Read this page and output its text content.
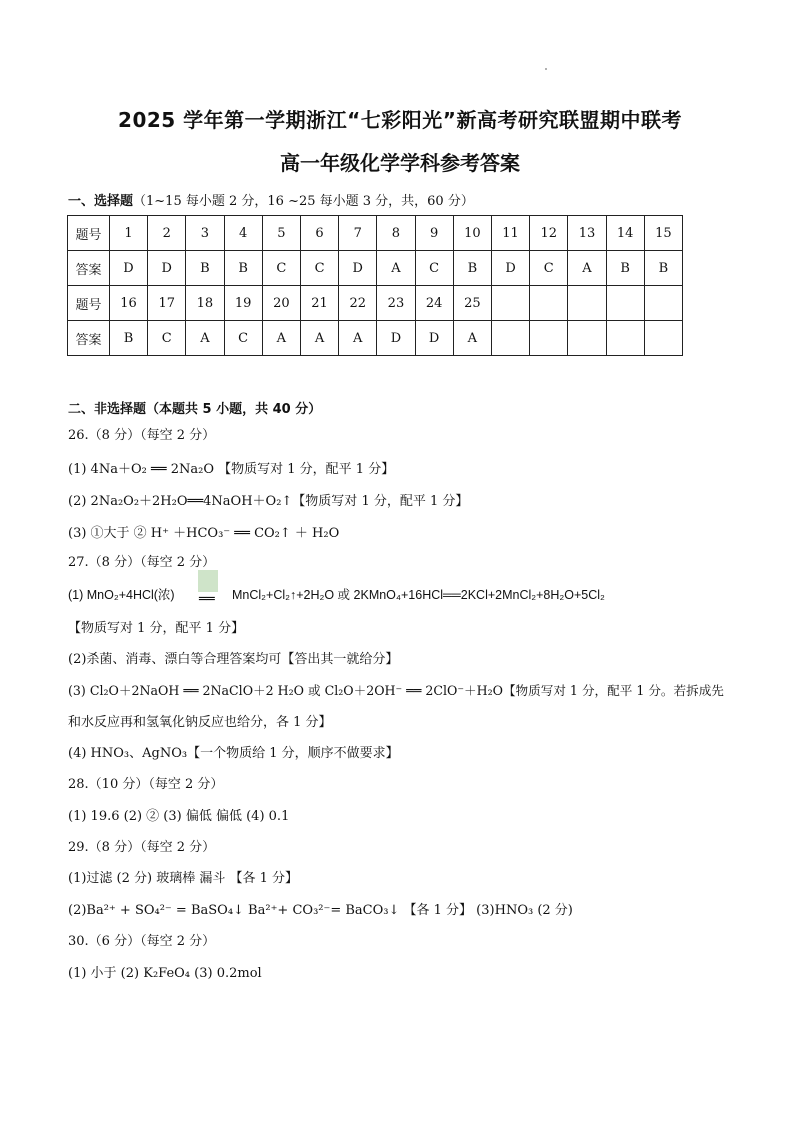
2025 学年第一学期浙江“七彩阳光”新高考研究联盟期中联考
高一年级化学学科参考答案
一、选择题（1~15 每小题 2 分，16 ~25 每小题 3 分，共，60 分）
题号	1	2	3	4	5	6	7	8	9	10	11	12	13	14	15
答案	D	D	B	B	C	C	D	A	C	B	D	C	A	B	B
题号	16	17	18	19	20	21	22	23	24	25					
答案	B	C	A	C	A	A	A	D	D	A					
二、非选择题（本题共 5 小题，共 40 分）
26.（8 分）（每空 2 分）
(1) 4Na＋O₂ ══ 2Na₂O 【物质写对 1 分，配平 1 分】
(2) 2Na₂O₂＋2H₂O══4NaOH＋O₂↑【物质写对 1 分，配平 1 分】
(3) ①大于 ② H⁺ ＋HCO₃⁻ ══ CO₂↑ ＋ H₂O
27.（8 分）（每空 2 分）
══
(1) MnO₂+4HCl(浓)	MnCl₂+Cl₂↑+2H₂O 或 2KMnO₄+16HCl══2KCl+2MnCl₂+8H₂O+5Cl₂
【物质写对 1 分，配平 1 分】
(2)杀菌、消毒、漂白等合理答案均可【答出其一就给分】
(3) Cl₂O＋2NaOH ══ 2NaClO＋2 H₂O 或 Cl₂O＋2OH⁻ ══ 2ClO⁻＋H₂O【物质写对 1 分，配平 1 分。若拆成先
和水反应再和氢氧化钠反应也给分，各 1 分】
(4) HNO₃、AgNO₃【一个物质给 1 分，顺序不做要求】
28.（10 分）（每空 2 分）
(1) 19.6 (2) ② (3) 偏低 偏低 (4) 0.1
29.（8 分）（每空 2 分）
(1)过滤 (2 分) 玻璃棒 漏斗 【各 1 分】
(2)Ba²⁺ + SO₄²⁻ = BaSO₄↓ Ba²⁺+ CO₃²⁻= BaCO₃↓ 【各 1 分】 (3)HNO₃ (2 分)
30.（6 分）（每空 2 分）
(1) 小于 (2) K₂FeO₄ (3) 0.2mol
